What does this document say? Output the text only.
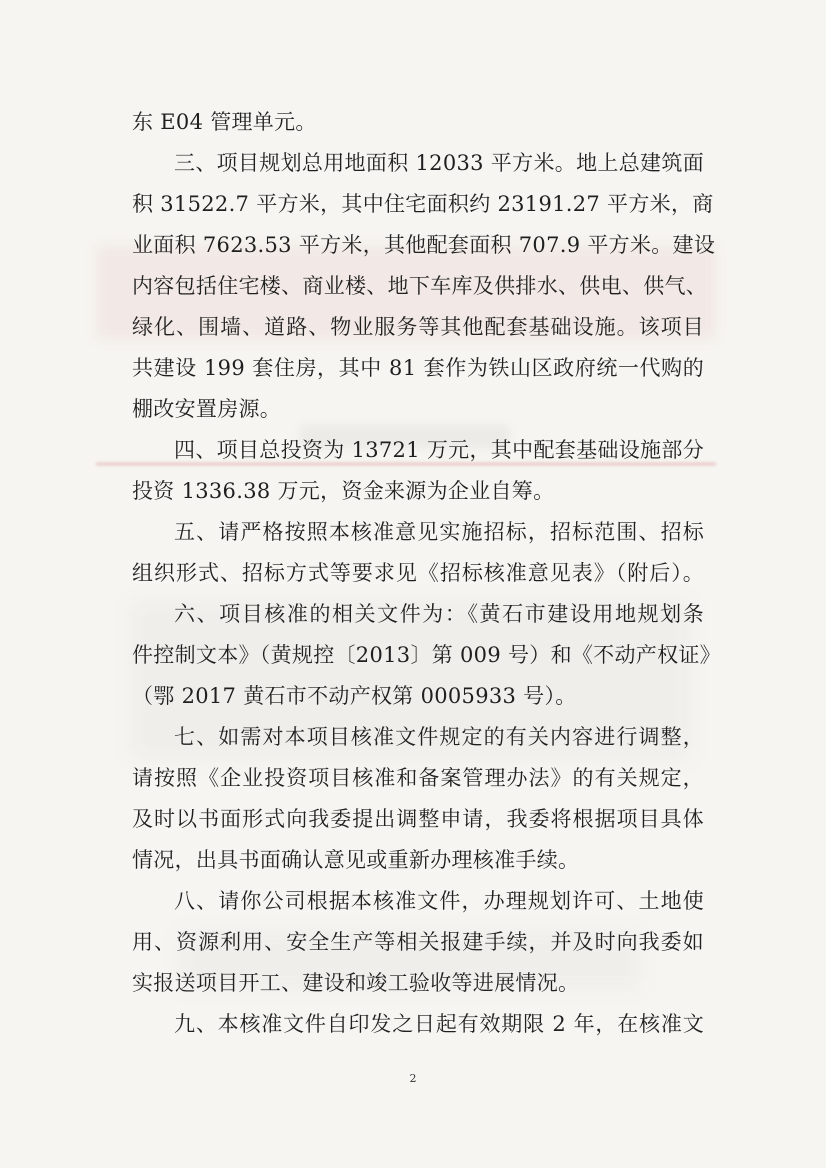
东 E04 管理单元。
三、项目规划总用地面积 12033 平方米。地上总建筑面
积 31522.7 平方米，其中住宅面积约 23191.27 平方米，商
业面积 7623.53 平方米，其他配套面积 707.9 平方米。建设
内容包括住宅楼、商业楼、地下车库及供排水、供电、供气、
绿化、围墙、道路、物业服务等其他配套基础设施。该项目
共建设 199 套住房，其中 81 套作为铁山区政府统一代购的
棚改安置房源。
四、项目总投资为 13721 万元，其中配套基础设施部分
投资 1336.38 万元，资金来源为企业自筹。
五、请严格按照本核准意见实施招标，招标范围、招标
组织形式、招标方式等要求见《招标核准意见表》（附后）。
六、项目核准的相关文件为：《黄石市建设用地规划条
件控制文本》（黄规控〔2013〕第 009 号）和《不动产权证》
（鄂 2017 黄石市不动产权第 0005933 号）。
七、如需对本项目核准文件规定的有关内容进行调整，
请按照《企业投资项目核准和备案管理办法》的有关规定，
及时以书面形式向我委提出调整申请，我委将根据项目具体
情况，出具书面确认意见或重新办理核准手续。
八、请你公司根据本核准文件，办理规划许可、土地使
用、资源利用、安全生产等相关报建手续，并及时向我委如
实报送项目开工、建设和竣工验收等进展情况。
九、本核准文件自印发之日起有效期限 2 年，在核准文
2
